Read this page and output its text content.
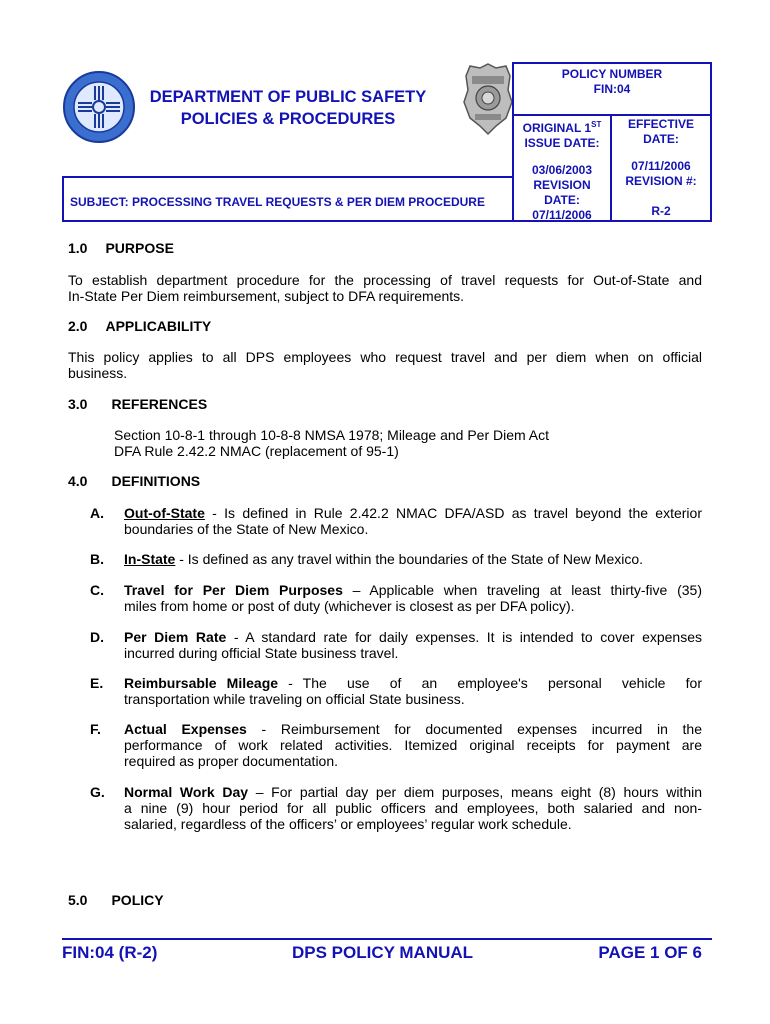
DEPARTMENT OF PUBLIC SAFETY
POLICIES & PROCEDURES
POLICY NUMBER
FIN:04
ORIGINAL 1ST
ISSUE DATE:
03/06/2003
REVISION
DATE:
07/11/2006
EFFECTIVE
DATE:
07/11/2006
REVISION #:
R-2
SUBJECT: PROCESSING TRAVEL REQUESTS & PER DIEM PROCEDURE
1.0 PURPOSE
To establish department procedure for the processing of travel requests for Out-of-State and
In-State Per Diem reimbursement, subject to DFA requirements.
2.0 APPLICABILITY
This policy applies to all DPS employees who request travel and per diem when on official
business.
3.0 REFERENCES
Section 10-8-1 through 10-8-8 NMSA 1978; Mileage and Per Diem Act
DFA Rule 2.42.2 NMAC (replacement of 95-1)
4.0 DEFINITIONS
A. Out-of-State - Is defined in Rule 2.42.2 NMAC DFA/ASD as travel beyond the exterior
boundaries of the State of New Mexico.
B. In-State - Is defined as any travel within the boundaries of the State of New Mexico.
C. Travel for Per Diem Purposes – Applicable when traveling at least thirty-five (35)
miles from home or post of duty (whichever is closest as per DFA policy).
D. Per Diem Rate - A standard rate for daily expenses. It is intended to cover expenses
incurred during official State business travel.
E. Reimbursable Mileage - The  use  of  an  employee's  personal  vehicle  for
transportation while traveling on official State business.
F. Actual Expenses - Reimbursement for documented expenses incurred in the
performance of work related activities. Itemized original receipts for payment are
required as proper documentation.
G. Normal Work Day – For partial day per diem purposes, means eight (8) hours within
a nine (9) hour period for all public officers and employees, both salaried and non-
salaried, regardless of the officers’ or employees’ regular work schedule.
5.0 POLICY
FIN:04 (R-2)	DPS POLICY MANUAL	PAGE 1 OF 6
